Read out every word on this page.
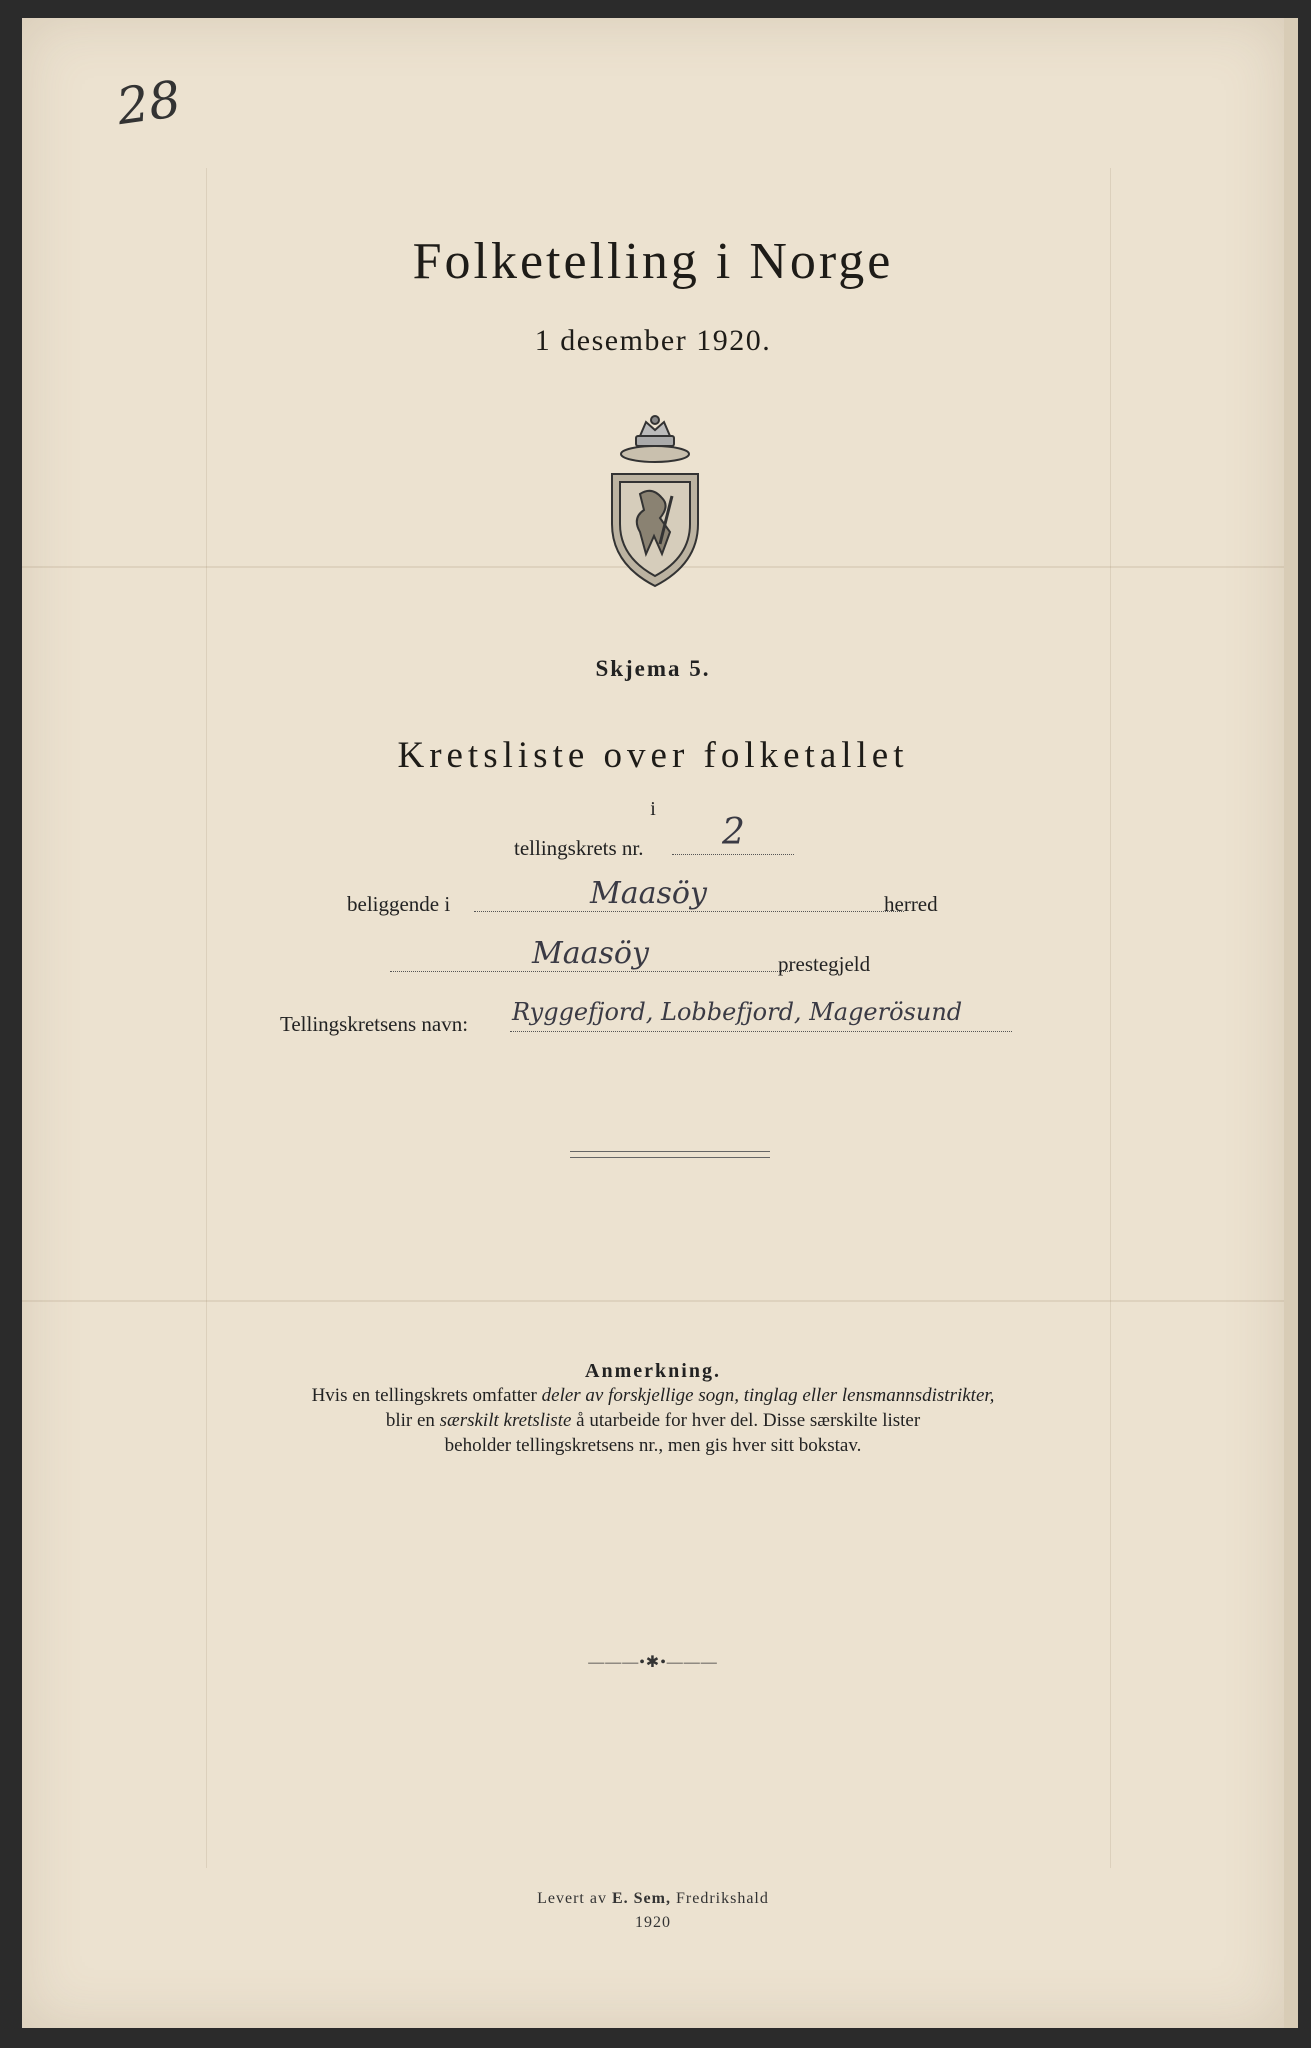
28
Folketelling i Norge
1 desember 1920.
Skjema 5.
Kretsliste over folketallet
i
tellingskrets nr. 2
beliggende i	Maasöy	herred
Maasöy	prestegjeld
Tellingskretsens navn: Ryggefjord, Lobbefjord, Magerösund
Anmerkning.
Hvis en tellingskrets omfatter deler av forskjellige sogn, tinglag eller lensmannsdistrikter,
blir en særskilt kretsliste å utarbeide for hver del. Disse særskilte lister
beholder tellingskretsens nr., men gis hver sitt bokstav.
———•✱•———
Levert av E. Sem, Fredrikshald
1920
